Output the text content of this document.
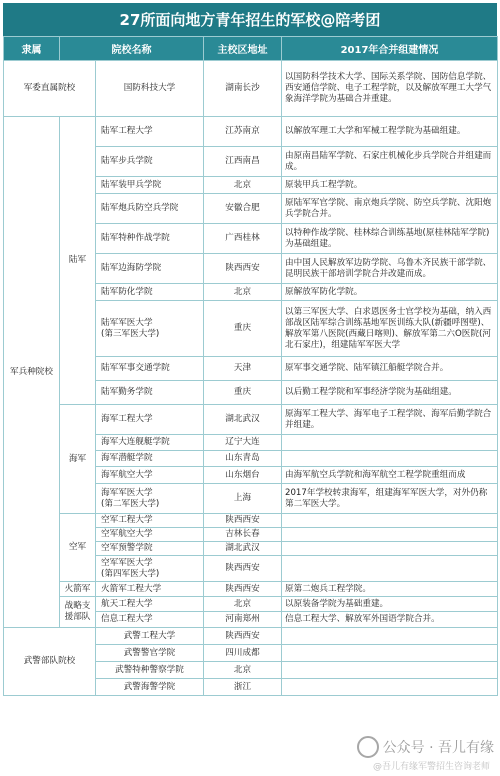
27所面向地方青年招生的军校@陪考团
隶属	院校名称		主校区地址	2017年合并组建情况
军委直属院校		国防科技大学	湖南长沙	以国防科学技术大学、国际关系学院、国防信息学院、西安通信学院、电子工程学院，以及解放军理工大学气象海洋学院为基础合并重建。
军兵种院校	陆军	陆军工程大学	江苏南京	以解放军理工大学和军械工程学院为基础组建。
		陆军步兵学院	江西南昌	由原南昌陆军学院、石家庄机械化步兵学院合并组建而成。
		陆军装甲兵学院	北京	原装甲兵工程学院。
		陆军炮兵防空兵学院	安徽合肥	原陆军军官学院、南京炮兵学院、防空兵学院、沈阳炮兵学院合并。
		陆军特种作战学院	广西桂林	以特种作战学院、桂林综合训练基地(原桂林陆军学院)为基础组建。
		陆军边海防学院	陕西西安	由中国人民解放军边防学院、乌鲁木齐民族干部学院、昆明民族干部培训学院合并改建而成。
		陆军防化学院	北京	原解放军防化学院。
		陆军军医大学
(第三军医大学)	重庆	以第三军医大学、白求恩医务士官学校为基础，纳入西部战区陆军综合训练基地军医训练大队(新疆呼图壁)、解放军第八医院(西藏日喀则)、解放军第二六O医院(河北石家庄)，组建陆军军医大学
		陆军军事交通学院	天津	原军事交通学院、陆军镇江船艇学院合并。
		陆军勤务学院	重庆	以后勤工程学院和军事经济学院为基础组建。
	海军	海军工程大学	湖北武汉	原海军工程大学、海军电子工程学院、海军后勤学院合并组建。
		海军大连舰艇学院	辽宁大连	
		海军潜艇学院	山东青岛	
		海军航空大学	山东烟台	由海军航空兵学院和海军航空工程学院重组而成
		海军军医大学
(第二军医大学)	上海	2017年学校转隶海军，组建海军军医大学，对外仍称第二军医大学。
	空军	空军工程大学	陕西西安	
		空军航空大学	吉林长春	
		空军预警学院	湖北武汉	
		空军军医大学
(第四军医大学)	陕西西安	
	火箭军	火箭军工程大学	陕西西安	原第二炮兵工程学院。
	战略支援部队	航天工程大学	北京	以原装备学院为基础重建。
		信息工程大学	河南郑州	信息工程大学、解放军外国语学院合并。
武警部队院校		武警工程大学	陕西西安	
		武警警官学院	四川成都	
		武警特种警察学院	北京	
		武警海警学院	浙江	
公众号 · 吾儿有缘
@吾儿有缘军警招生咨询老师
